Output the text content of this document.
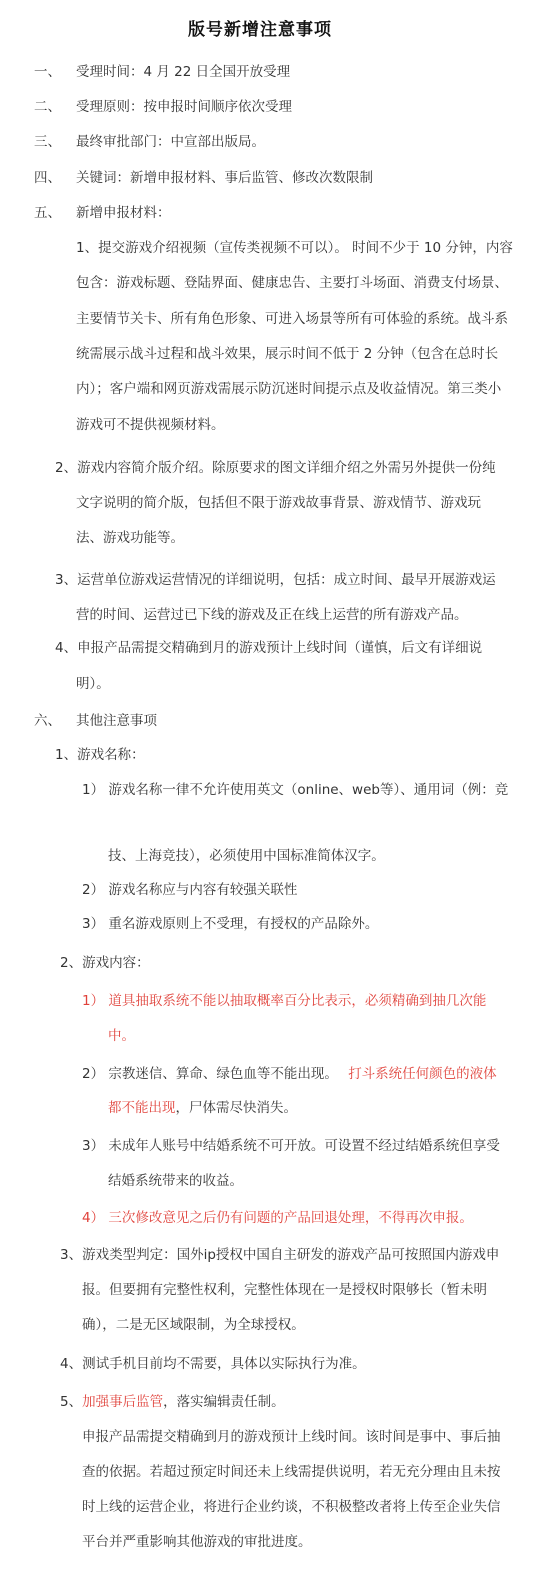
版号新增注意事项
一、 受理时间：4 月 22 日全国开放受理
二、 受理原则：按申报时间顺序依次受理
三、 最终审批部门：中宣部出版局。
四、 关键词：新增申报材料、事后监管、修改次数限制
五、 新增申报材料：
1、提交游戏介绍视频（宣传类视频不可以）。 时间不少于 10 分钟，内容
包含：游戏标题、登陆界面、健康忠告、主要打斗场面、消费支付场景、
主要情节关卡、所有角色形象、可进入场景等所有可体验的系统。战斗系
统需展示战斗过程和战斗效果，展示时间不低于 2 分钟（包含在总时长
内）；客户端和网页游戏需展示防沉迷时间提示点及收益情况。第三类小
游戏可不提供视频材料。
2、游戏内容简介版介绍。除原要求的图文详细介绍之外需另外提供一份纯
文字说明的简介版，包括但不限于游戏故事背景、游戏情节、游戏玩
法、游戏功能等。
3、运营单位游戏运营情况的详细说明，包括：成立时间、最早开展游戏运
营的时间、运营过已下线的游戏及正在线上运营的所有游戏产品。
4、申报产品需提交精确到月的游戏预计上线时间（谨慎，后文有详细说
明）。
六、 其他注意事项
1、游戏名称：
1） 游戏名称一律不允许使用英文（online、web等）、通用词（例：竞
技、上海竞技），必须使用中国标准简体汉字。
2） 游戏名称应与内容有较强关联性
3） 重名游戏原则上不受理，有授权的产品除外。
2、游戏内容：
1） 道具抽取系统不能以抽取概率百分比表示，必须精确到抽几次能
中。
2） 宗教迷信、算命、绿色血等不能出现。 打斗系统任何颜色的液体
都不能出现，尸体需尽快消失。
3） 未成年人账号中结婚系统不可开放。可设置不经过结婚系统但享受
结婚系统带来的收益。
4） 三次修改意见之后仍有问题的产品回退处理，不得再次申报。
3、游戏类型判定：国外ip授权中国自主研发的游戏产品可按照国内游戏申
报。但要拥有完整性权利，完整性体现在一是授权时限够长（暂未明
确），二是无区域限制，为全球授权。
4、测试手机目前均不需要，具体以实际执行为准。
5、加强事后监管，落实编辑责任制。
申报产品需提交精确到月的游戏预计上线时间。该时间是事中、事后抽
查的依据。若超过预定时间还未上线需提供说明，若无充分理由且未按
时上线的运营企业，将进行企业约谈，不积极整改者将上传至企业失信
平台并严重影响其他游戏的审批进度。
